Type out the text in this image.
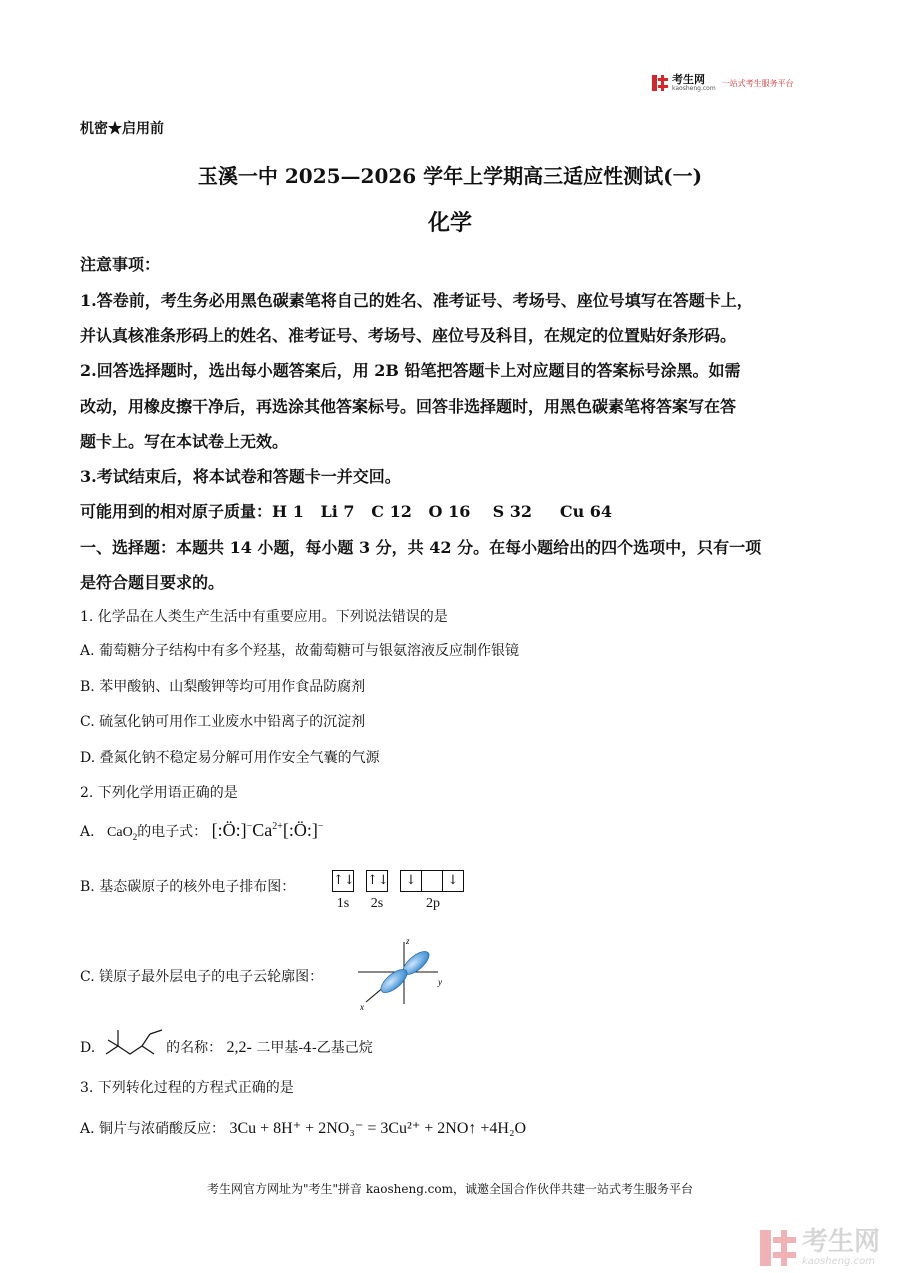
考生网
kaosheng.com
一站式考生服务平台
机密★启用前
玉溪一中 2025—2026 学年上学期高三适应性测试(一)
化学
注意事项：
1.答卷前，考生务必用黑色碳素笔将自己的姓名、准考证号、考场号、座位号填写在答题卡上，
并认真核准条形码上的姓名、准考证号、考场号、座位号及科目，在规定的位置贴好条形码。
2.回答选择题时，选出每小题答案后，用 2B 铅笔把答题卡上对应题目的答案标号涂黑。如需
改动，用橡皮擦干净后，再选涂其他答案标号。回答非选择题时，用黑色碳素笔将答案写在答
题卡上。写在本试卷上无效。
3.考试结束后，将本试卷和答题卡一并交回。
可能用到的相对原子质量：H 1   Li 7   C 12   O 16    S 32     Cu 64
一、选择题：本题共 14 小题，每小题 3 分，共 42 分。在每小题给出的四个选项中，只有一项
是符合题目要求的。
1. 化学品在人类生产生活中有重要应用。下列说法错误的是
A. 葡萄糖分子结构中有多个羟基，故葡萄糖可与银氨溶液反应制作银镜
B. 苯甲酸钠、山梨酸钾等均可用作食品防腐剂
C. 硫氢化钠可用作工业废水中铅离子的沉淀剂
D. 叠氮化钠不稳定易分解可用作安全气囊的气源
2. 下列化学用语正确的是
A. CaO$_2$的电子式： $[:Ö:]^-Ca^{2+}[:Ö:]^-$
B. 基态碳原子的核外电子排布图：	↑↓ ↑↓	↓	↓
1s	2s	2p
C. 镁原子最外层电子的电子云轮廓图：
z
y
x
D.	的名称： 2,2- 二甲基-4-乙基己烷
3. 下列转化过程的方程式正确的是
A. 铜片与浓硝酸反应： 3Cu + 8H⁺ + 2NO₃⁻ = 3Cu²⁺ + 2NO↑ +4H₂O
考生网官方网址为"考生"拼音 kaosheng.com，诚邀全国合作伙伴共建一站式考生服务平台
考生网
kaosheng.com
